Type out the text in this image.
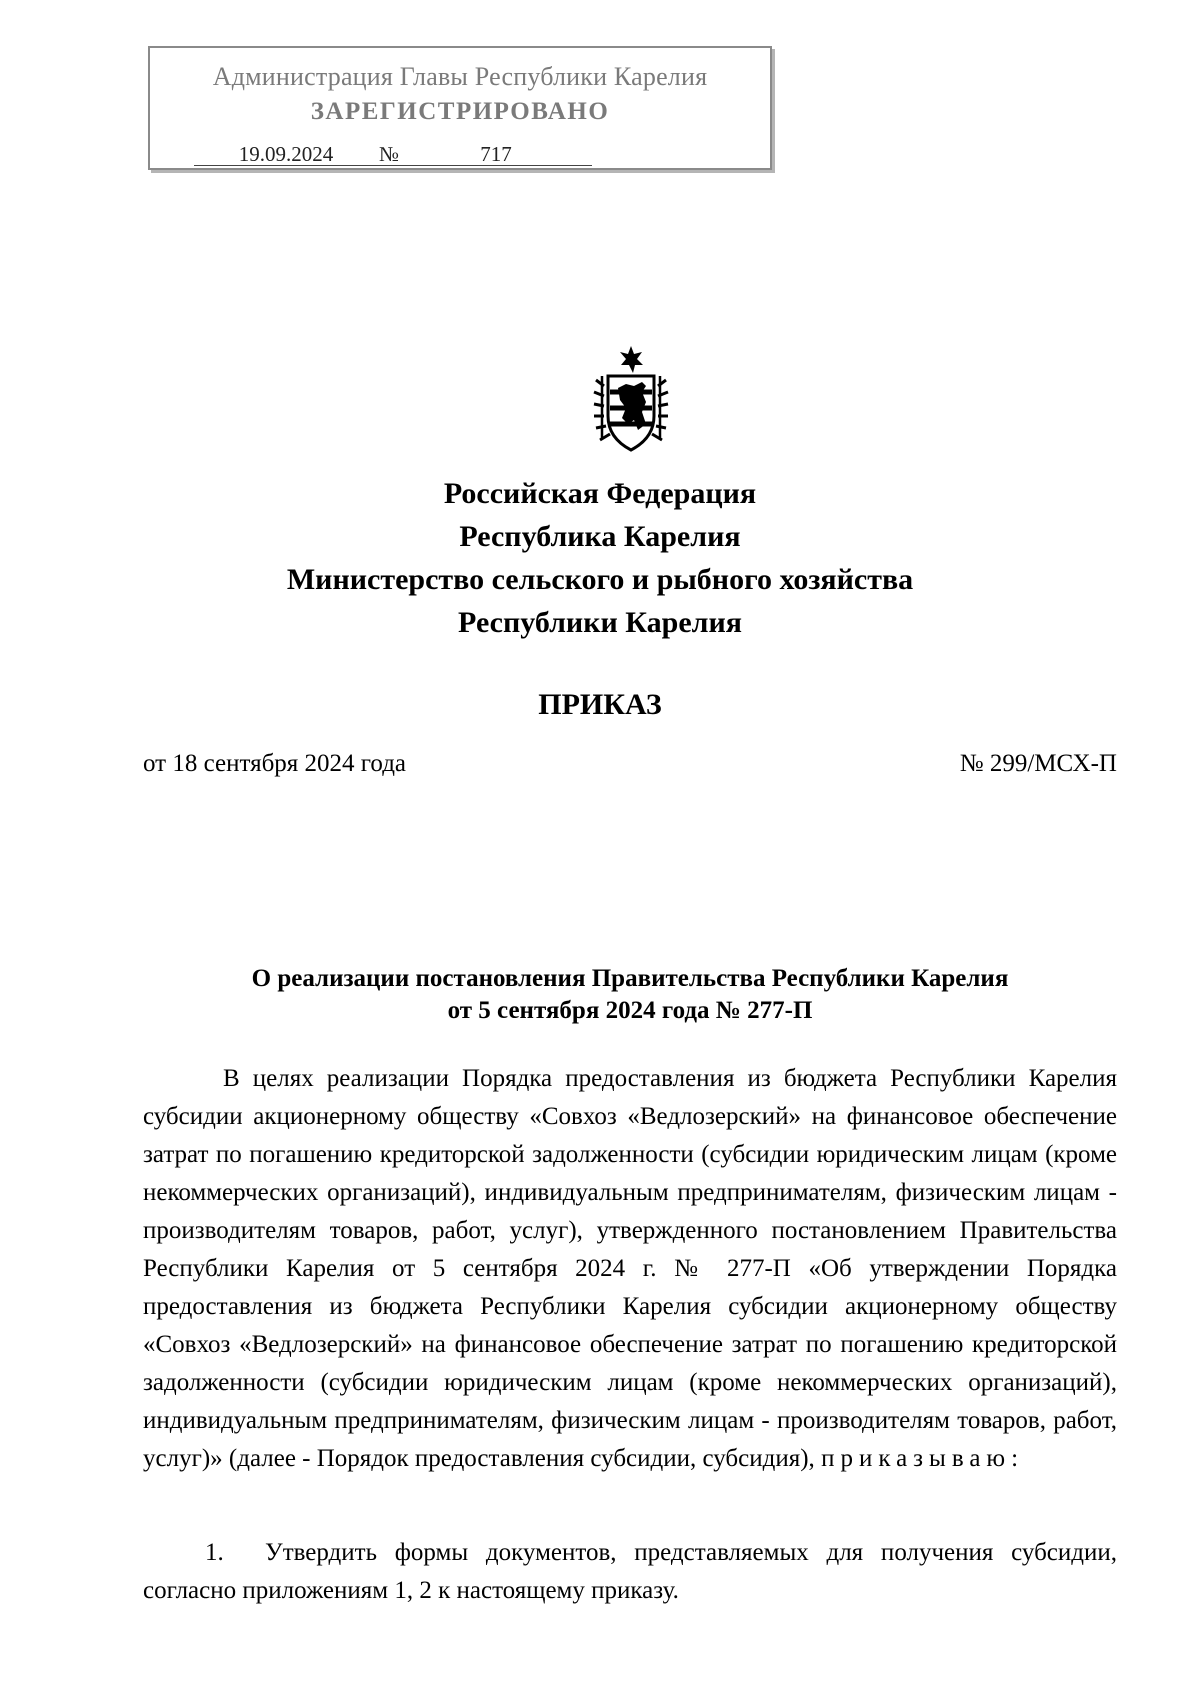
Администрация Главы Республики Карелия
ЗАРЕГИСТРИРОВАНО
19.09.2024 №	717
Российская Федерация
Республика Карелия
Министерство сельского и рыбного хозяйства
Республики Карелия
ПРИКАЗ
от 18 сентября 2024 года	№ 299/МСХ-П
О реализации постановления Правительства Республики Карелия
от 5 сентября 2024 года № 277-П

В целях реализации Порядка предоставления из бюджета Республики Карелия субсидии акционерному обществу «Совхоз «Ведлозерский» на финансовое обеспечение затрат по погашению кредиторской задолженности (субсидии юридическим лицам (кроме некоммерческих организаций), индивидуальным предпринимателям, физическим лицам - производителям товаров, работ, услуг), утвержденного постановлением Правительства Республики Карелия от 5 сентября 2024 г. № 277-П «Об утверждении Порядка предоставления из бюджета Республики Карелия субсидии акционерному обществу «Совхоз «Ведлозерский» на финансовое обеспечение затрат по погашению кредиторской задолженности (субсидии юридическим лицам (кроме некоммерческих организаций), индивидуальным предпринимателям, физическим лицам - производителям товаров, работ, услуг)» (далее - Порядок предоставления субсидии, субсидия), приказываю:

1. Утвердить формы документов, представляемых для получения субсидии, согласно приложениям 1, 2 к настоящему приказу.
